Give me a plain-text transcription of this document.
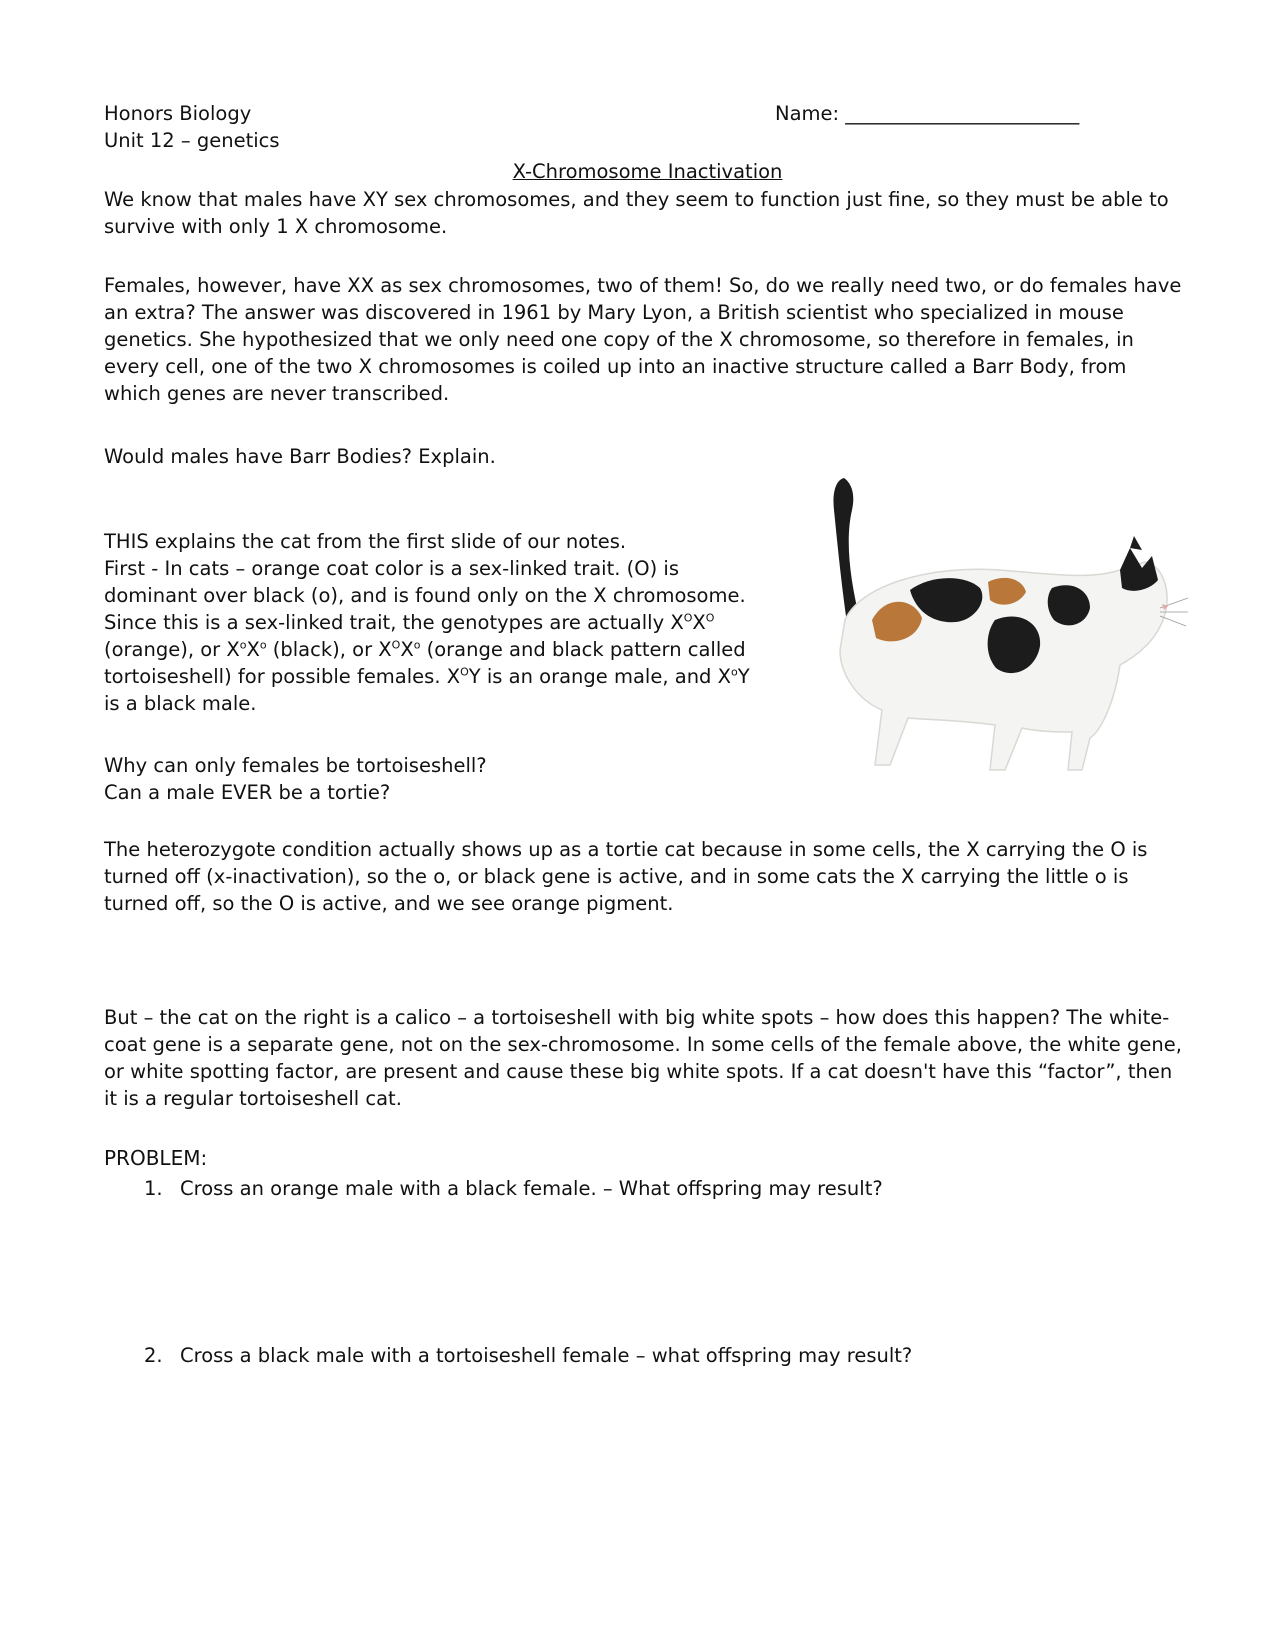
Honors Biology

Unit 12 – genetics

Name: ________________________
X-Chromosome Inactivation

We know that males have XY sex chromosomes, and they seem to function just fine, so they must be able to survive with only 1 X chromosome.

Females, however, have XX as sex chromosomes, two of them! So, do we really need two, or do females have an extra? The answer was discovered in 1961 by Mary Lyon, a British scientist who specialized in mouse genetics. She hypothesized that we only need one copy of the X chromosome, so therefore in females, in every cell, one of the two X chromosomes is coiled up into an inactive structure called a Barr Body, from which genes are never transcribed.

Would males have Barr Bodies? Explain.

THIS explains the cat from the first slide of our notes.

First - In cats – orange coat color is a sex-linked trait. (O) is dominant over black (o), and is found only on the X chromosome. Since this is a sex-linked trait, the genotypes are actually $X^OX^O$ (orange), or $X^oX^o$ (black), or $X^OX^o$ (orange and black pattern called tortoiseshell) for possible females. $X^OY$ is an orange male, and $X^oY$ is a black male.

Why can only females be tortoiseshell?

Can a male EVER be a tortie?

The heterozygote condition actually shows up as a tortie cat because in some cells, the X carrying the O is turned off (x-inactivation), so the o, or black gene is active, and in some cats the X carrying the little o is turned off, so the O is active, and we see orange pigment.

But – the cat on the right is a calico – a tortoiseshell with big white spots – how does this happen? The white-coat gene is a separate gene, not on the sex-chromosome. In some cells of the female above, the white gene, or white spotting factor, are present and cause these big white spots. If a cat doesn't have this “factor”, then it is a regular tortoiseshell cat.

PROBLEM:
1. Cross an orange male with a black female. – What offspring may result?
2. Cross a black male with a tortoiseshell female – what offspring may result?
